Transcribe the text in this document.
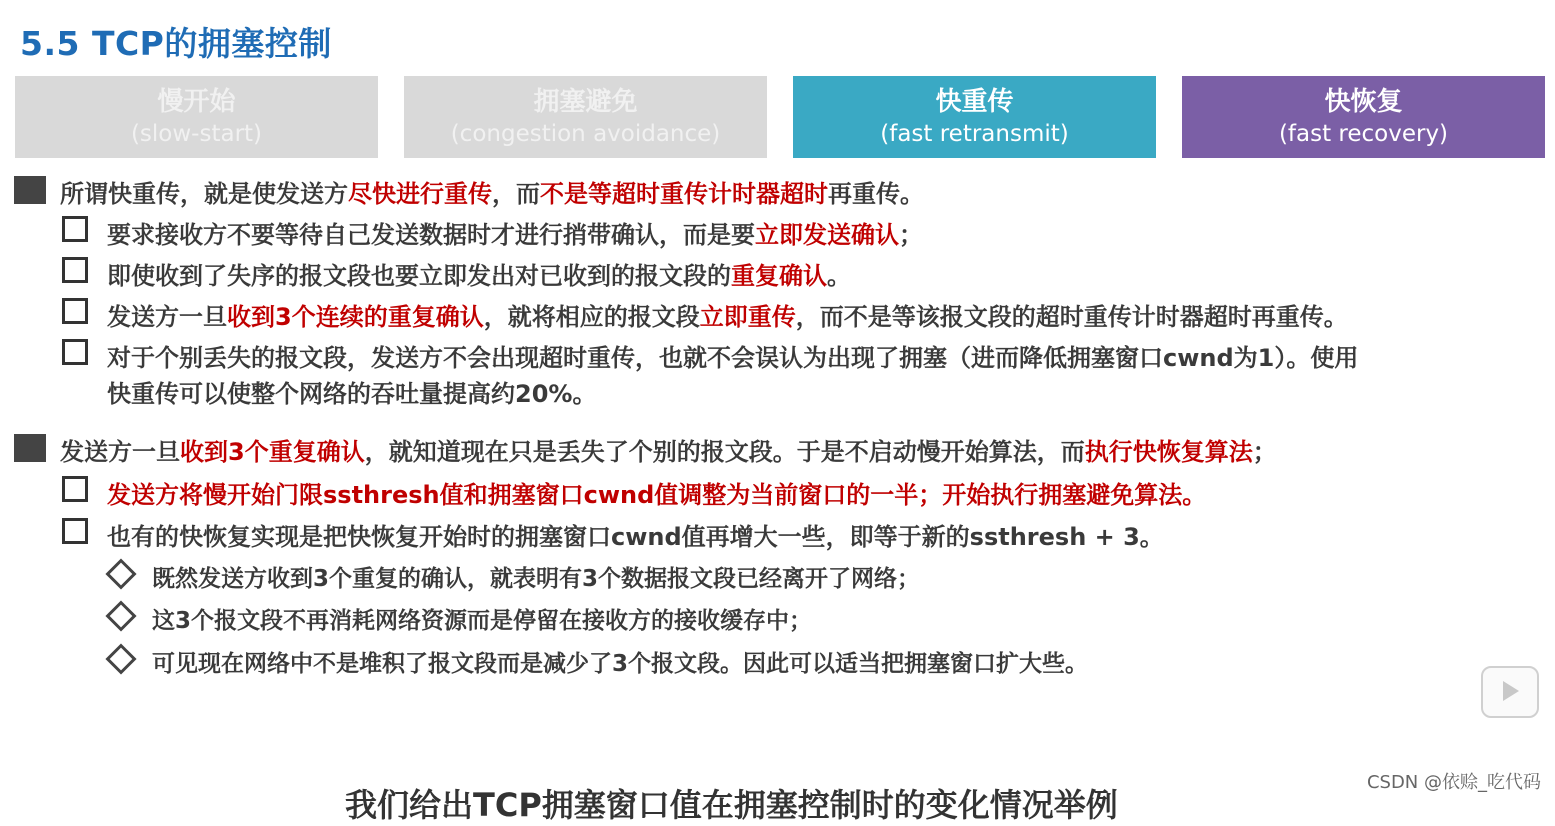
5.5 TCP的拥塞控制
慢开始
(slow-start)
拥塞避免
(congestion avoidance)
快重传
(fast retransmit)
快恢复
(fast recovery)
所谓快重传，就是使发送方尽快进行重传，而不是等超时重传计时器超时再重传。
要求接收方不要等待自己发送数据时才进行捎带确认，而是要立即发送确认；
即使收到了失序的报文段也要立即发出对已收到的报文段的重复确认。
发送方一旦收到3个连续的重复确认，就将相应的报文段立即重传，而不是等该报文段的超时重传计时器超时再重传。
对于个别丢失的报文段，发送方不会出现超时重传，也就不会误认为出现了拥塞（进而降低拥塞窗口cwnd为1）。使用
快重传可以使整个网络的吞吐量提高约20%。
发送方一旦收到3个重复确认，就知道现在只是丢失了个别的报文段。于是不启动慢开始算法，而执行快恢复算法；
发送方将慢开始门限ssthresh值和拥塞窗口cwnd值调整为当前窗口的一半；开始执行拥塞避免算法。
也有的快恢复实现是把快恢复开始时的拥塞窗口cwnd值再增大一些，即等于新的ssthresh + 3。
既然发送方收到3个重复的确认，就表明有3个数据报文段已经离开了网络；
这3个报文段不再消耗网络资源而是停留在接收方的接收缓存中；
可见现在网络中不是堆积了报文段而是减少了3个报文段。因此可以适当把拥塞窗口扩大些。
CSDN @依赊_吃代码
我们给出TCP拥塞窗口值在拥塞控制时的变化情况举例
